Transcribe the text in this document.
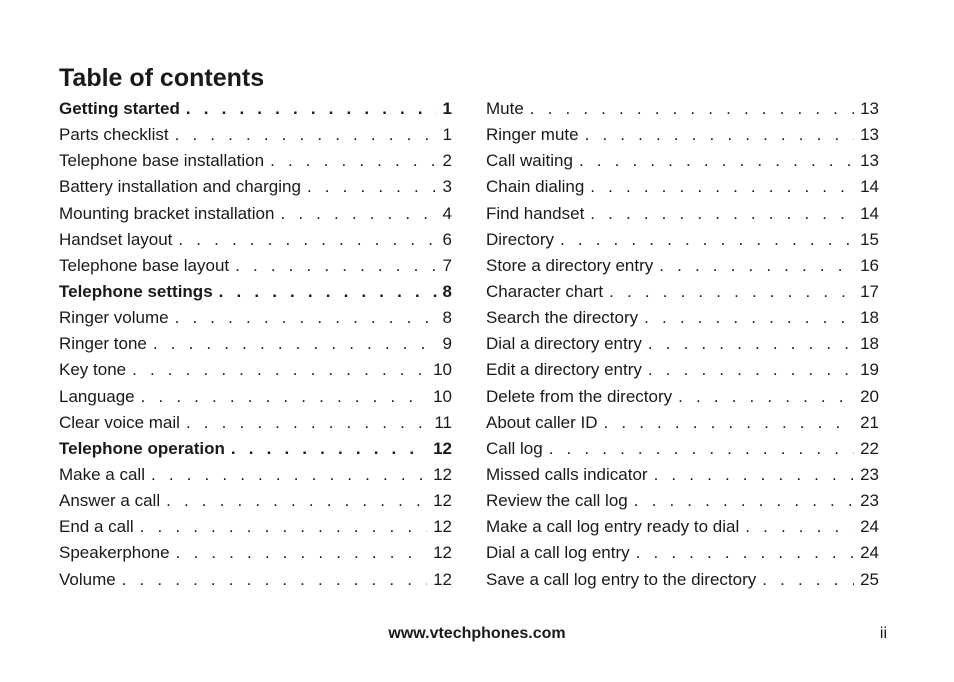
Table of contents
Getting started . . .	1
Parts checklist . . .	1
Telephone base installation . . .	2
Battery installation and charging . . .	3
Mounting bracket installation . . .	4
Handset layout . . .	6
Telephone base layout . . .	7
Telephone settings . . .	8
Ringer volume . . .	8
Ringer tone . . .	9
Key tone . . .	10
Language . . .	10
Clear voice mail . . .	11
Telephone operation . . .	12
Make a call . . .	12
Answer a call . . .	12
End a call . . .	12
Speakerphone . . .	12
Volume . . .	12
Mute . . .	13
Ringer mute . . .	13
Call waiting . . .	13
Chain dialing . . .	14
Find handset . . .	14
Directory . . .	15
Store a directory entry . . .	16
Character chart . . .	17
Search the directory . . .	18
Dial a directory entry . . .	18
Edit a directory entry . . .	19
Delete from the directory . . .	20
About caller ID . . .	21
Call log . . .	22
Missed calls indicator . . .	23
Review the call log . . .	23
Make a call log entry ready to dial . . .	24
Dial a call log entry . . .	24
Save a call log entry to the directory . . .	25
www.vtechphones.com	ii
